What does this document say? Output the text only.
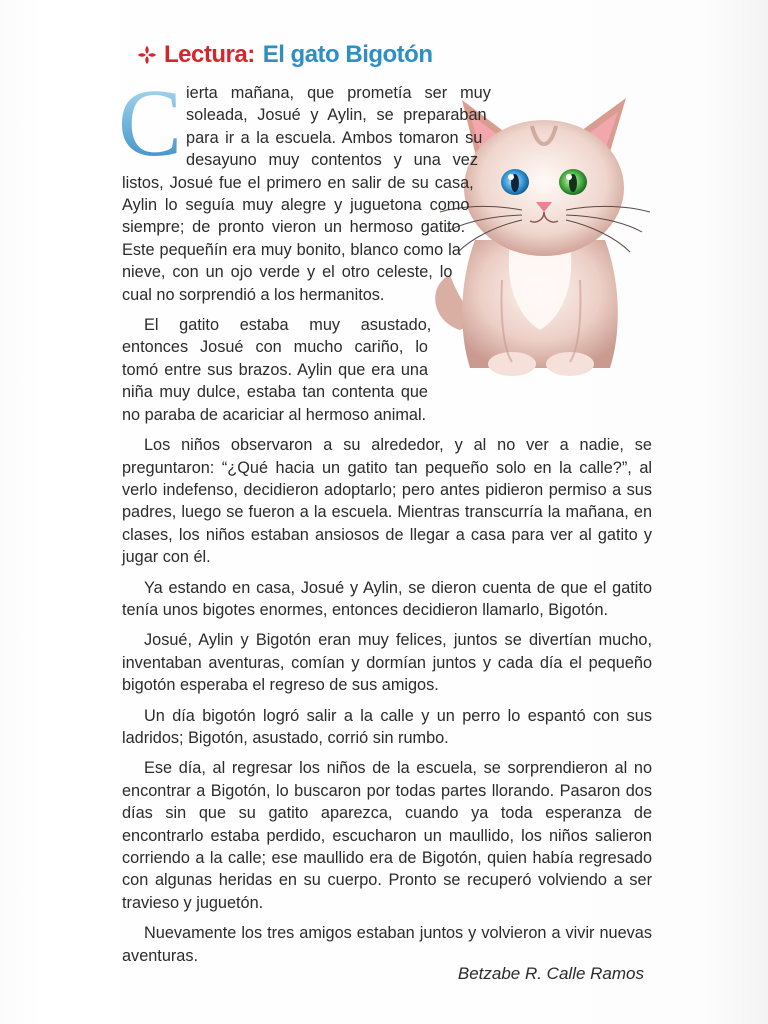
Lectura: El gato Bigotón

C ierta mañana, que prometía ser muy soleada, Josué y Aylin, se preparaban para ir a la escuela. Ambos tomaron su desayuno muy contentos y una vez listos, Josué fue el primero en salir de su casa, Aylin lo seguía muy alegre y juguetona como siempre; de pronto vieron un hermoso gatito. Este pequeñín era muy bonito, blanco como la nieve, con un ojo verde y el otro celeste, lo cual no sorprendió a los hermanitos.

El gatito estaba muy asustado, entonces Josué con mucho cariño, lo tomó entre sus brazos. Aylin que era una niña muy dulce, estaba tan contenta que no paraba de acariciar al hermoso animal.

Los niños observaron a su alrededor, y al no ver a nadie, se preguntaron: “¿Qué hacia un gatito tan pequeño solo en la calle?”, al verlo indefenso, decidieron adoptarlo; pero antes pidieron permiso a sus padres, luego se fueron a la escuela. Mientras transcurría la mañana, en clases, los niños estaban ansiosos de llegar a casa para ver al gatito y jugar con él.

Ya estando en casa, Josué y Aylin, se dieron cuenta de que el gatito tenía unos bigotes enormes, entonces decidieron llamarlo, Bigotón.

Josué, Aylin y Bigotón eran muy felices, juntos se divertían mucho, inventaban aventuras, comían y dormían juntos y cada día el pequeño bigotón esperaba el regreso de sus amigos.

Un día bigotón logró salir a la calle y un perro lo espantó con sus ladridos; Bigotón, asustado, corrió sin rumbo.

Ese día, al regresar los niños de la escuela, se sorprendieron al no encontrar a Bigotón, lo buscaron por todas partes llorando. Pasaron dos días sin que su gatito aparezca, cuando ya toda esperanza de encontrarlo estaba perdido, escucharon un maullido, los niños salieron corriendo a la calle; ese maullido era de Bigotón, quien había regresado con algunas heridas en su cuerpo. Pronto se recuperó volviendo a ser travieso y juguetón.

Nuevamente los tres amigos estaban juntos y volvieron a vivir nuevas aventuras.

Betzabe R. Calle Ramos
